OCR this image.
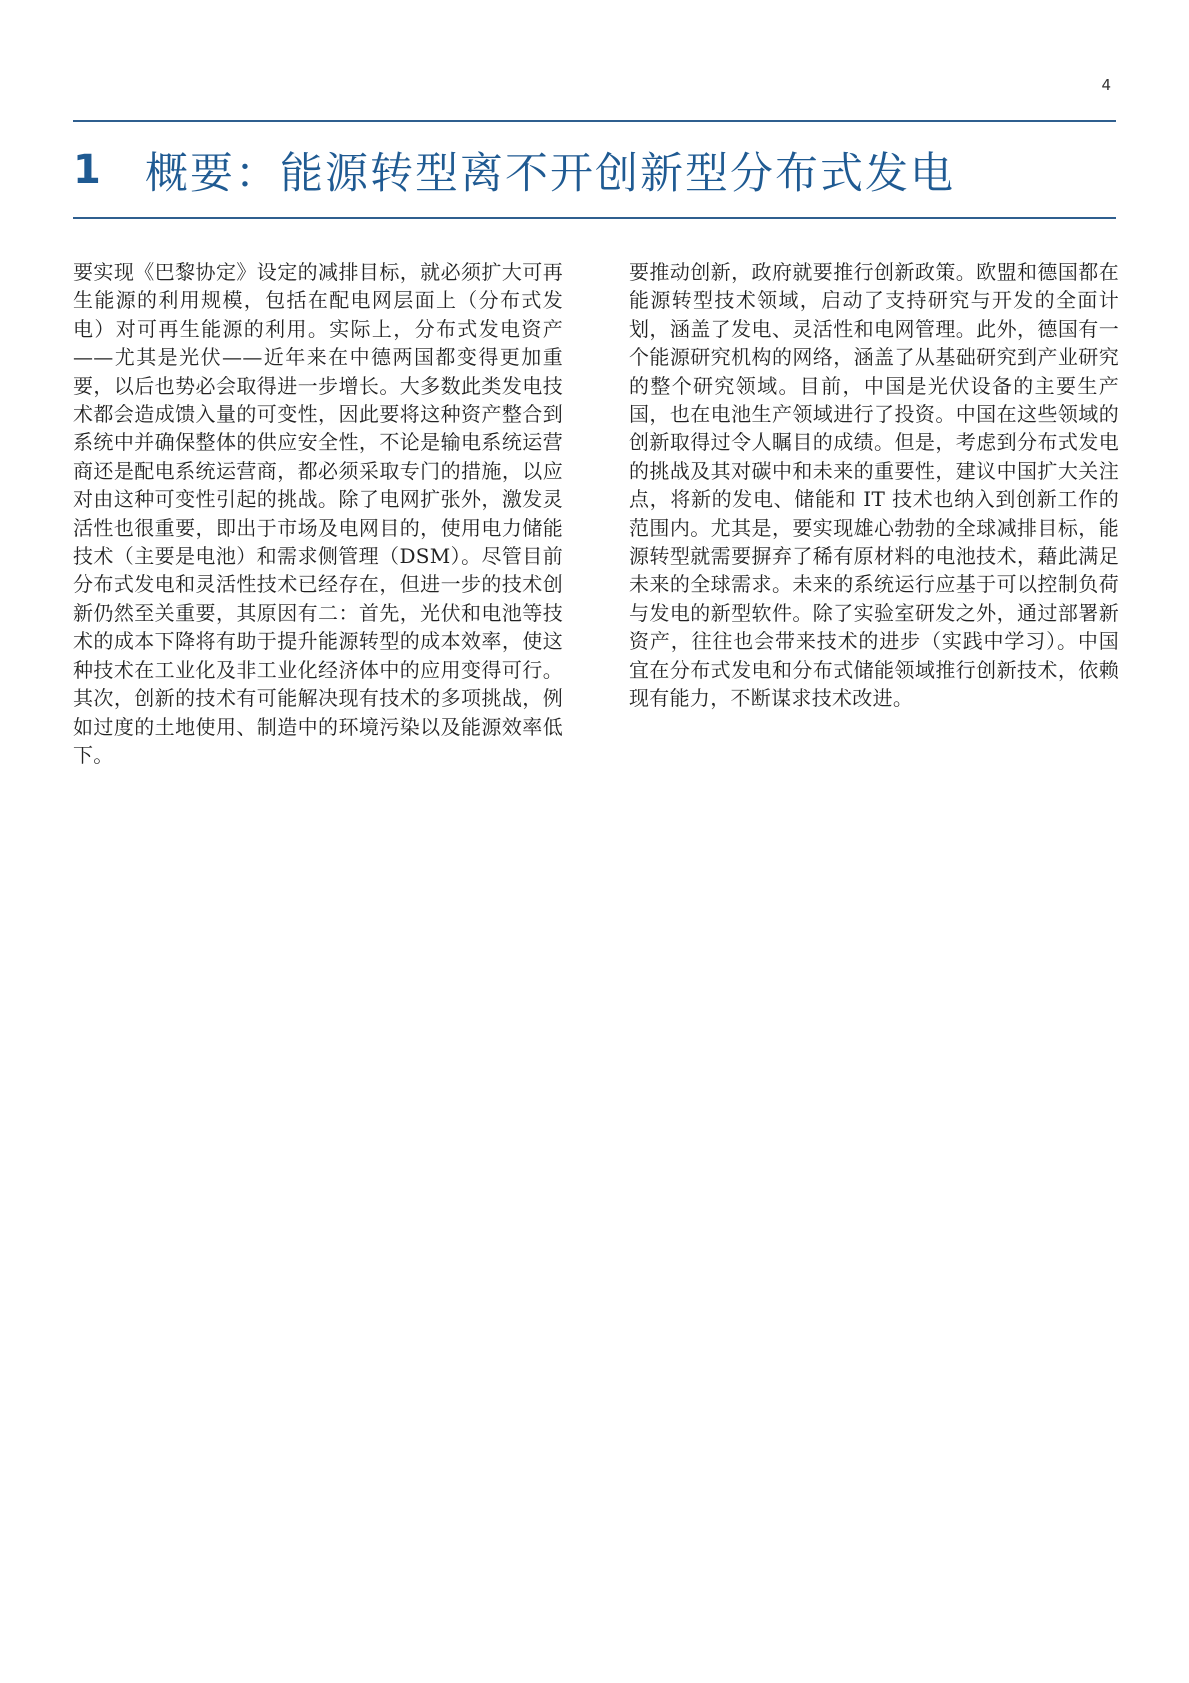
4
1	概要：能源转型离不开创新型分布式发电
要实现《巴黎协定》设定的减排目标，就必须扩大可再生能源的利用规模，包括在配电网层面上（分布式发电）对可再生能源的利用。实际上，分布式发电资产——尤其是光伏——近年来在中德两国都变得更加重要，以后也势必会取得进一步增长。大多数此类发电技术都会造成馈入量的可变性，因此要将这种资产整合到系统中并确保整体的供应安全性，不论是输电系统运营商还是配电系统运营商，都必须采取专门的措施，以应对由这种可变性引起的挑战。除了电网扩张外，激发灵活性也很重要，即出于市场及电网目的，使用电力储能技术（主要是电池）和需求侧管理（DSM）。尽管目前分布式发电和灵活性技术已经存在，但进一步的技术创新仍然至关重要，其原因有二：首先，光伏和电池等技术的成本下降将有助于提升能源转型的成本效率，使这种技术在工业化及非工业化经济体中的应用变得可行。其次，创新的技术有可能解决现有技术的多项挑战，例如过度的土地使用、制造中的环境污染以及能源效率低下。
要推动创新，政府就要推行创新政策。欧盟和德国都在能源转型技术领域，启动了支持研究与开发的全面计划，涵盖了发电、灵活性和电网管理。此外，德国有一个能源研究机构的网络，涵盖了从基础研究到产业研究的整个研究领域。目前，中国是光伏设备的主要生产国，也在电池生产领域进行了投资。中国在这些领域的创新取得过令人瞩目的成绩。但是，考虑到分布式发电的挑战及其对碳中和未来的重要性，建议中国扩大关注点，将新的发电、储能和 IT 技术也纳入到创新工作的范围内。尤其是，要实现雄心勃勃的全球减排目标，能源转型就需要摒弃了稀有原材料的电池技术，藉此满足未来的全球需求。未来的系统运行应基于可以控制负荷与发电的新型软件。除了实验室研发之外，通过部署新资产，往往也会带来技术的进步（实践中学习）。中国宜在分布式发电和分布式储能领域推行创新技术，依赖现有能力，不断谋求技术改进。
